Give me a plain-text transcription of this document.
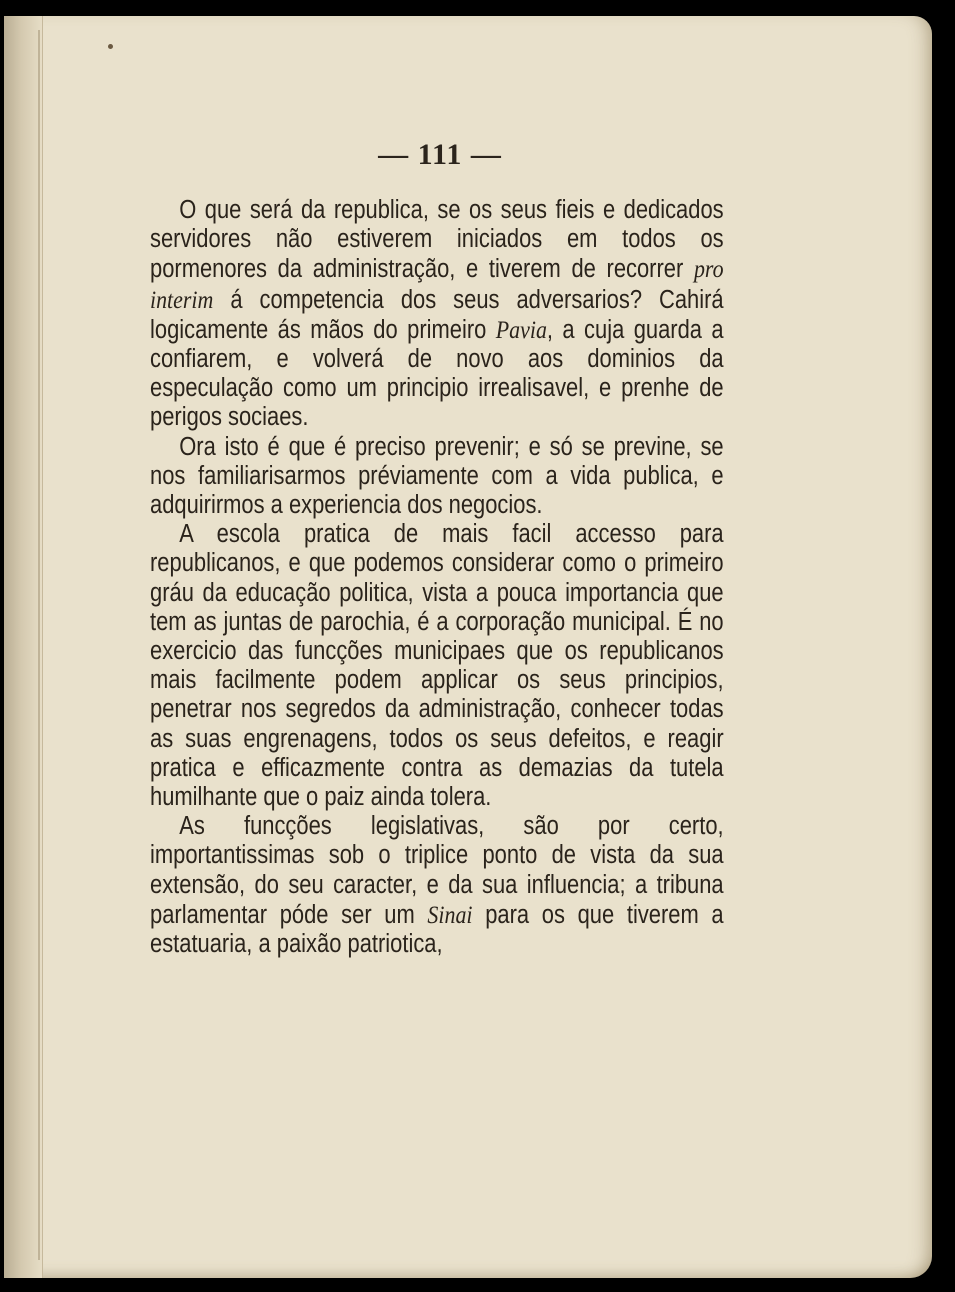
— 111 —

O que será da republica, se os seus fieis e dedicados servidores não estiverem iniciados em todos os pormenores da administração, e tiverem de recorrer pro interim á competencia dos seus adversarios? Cahirá logicamente ás mãos do primeiro Pavia, a cuja guarda a confiarem, e volverá de novo aos dominios da especulação como um principio irrealisavel, e prenhe de perigos sociaes.

Ora isto é que é preciso prevenir; e só se previne, se nos familiarisarmos préviamente com a vida publica, e adquirirmos a experiencia dos negocios.

A escola pratica de mais facil accesso para republicanos, e que podemos considerar como o primeiro gráu da educação politica, vista a pouca importancia que tem as juntas de parochia, é a corporação municipal. É no exercicio das funcções municipaes que os republicanos mais facilmente podem applicar os seus principios, penetrar nos segredos da administração, conhecer todas as suas engrenagens, todos os seus defeitos, e reagir pratica e efficazmente contra as demazias da tutela humilhante que o paiz ainda tolera.

As funcções legislativas, são por certo, importantissimas sob o triplice ponto de vista da sua extensão, do seu caracter, e da sua influencia; a tribuna parlamentar póde ser um Sinai para os que tiverem a estatuaria, a paixão patriotica,
